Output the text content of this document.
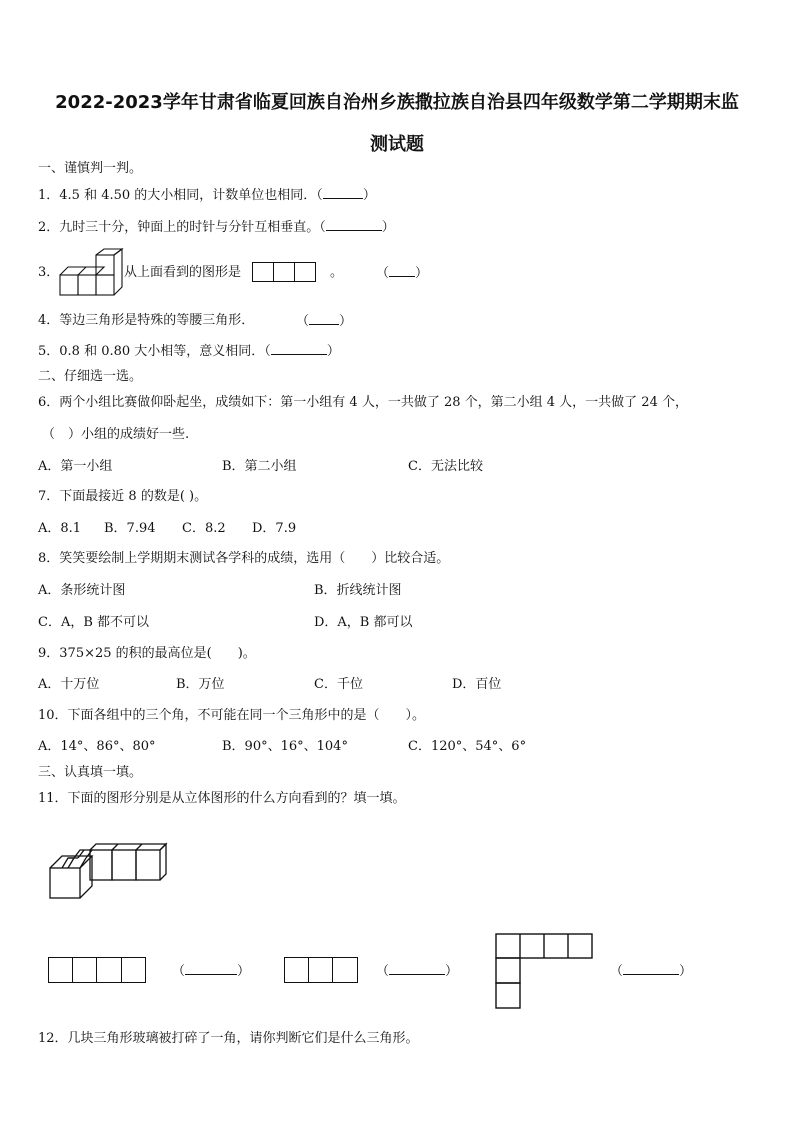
2022-2023学年甘肃省临夏回族自治州乡族撒拉族自治县四年级数学第二学期期末监
测试题
一、谨慎判一判。
1．4.5 和 4.50 的大小相同，计数单位也相同．（	）
2．九时三十分，钟面上的时针与分针互相垂直。（	）
3．	从上面看到的图形是	。	（ ）
4．等边三角形是特殊的等腰三角形．	（ ）
5．0.8 和 0.80 大小相等，意义相同．（	）
二、仔细选一选。
6．两个小组比赛做仰卧起坐，成绩如下：第一小组有 4 人，一共做了 28 个，第二小组 4 人，一共做了 24 个，
（　）小组的成绩好一些.
A．第一小组	B．第二小组	C．无法比较
7．下面最接近 8 的数是( )。
A．8.1 B．7.94 C．8.2 D．7.9
8．笑笑要绘制上学期期末测试各学科的成绩，选用（　　）比较合适。
A．条形统计图	B．折线统计图
C．A，B 都不可以	D．A，B 都可以
9．375×25 的积的最高位是(　　)。
A．十万位	B．万位	C．千位	D．百位
10．下面各组中的三个角，不可能在同一个三角形中的是（　　）。
A．14°、86°、80°	B．90°、16°、104°	C．120°、54°、6°
三、认真填一填。
11．下面的图形分别是从立体图形的什么方向看到的？填一填。
（	）	（	）	（	）
12．几块三角形玻璃被打碎了一角，请你判断它们是什么三角形。
